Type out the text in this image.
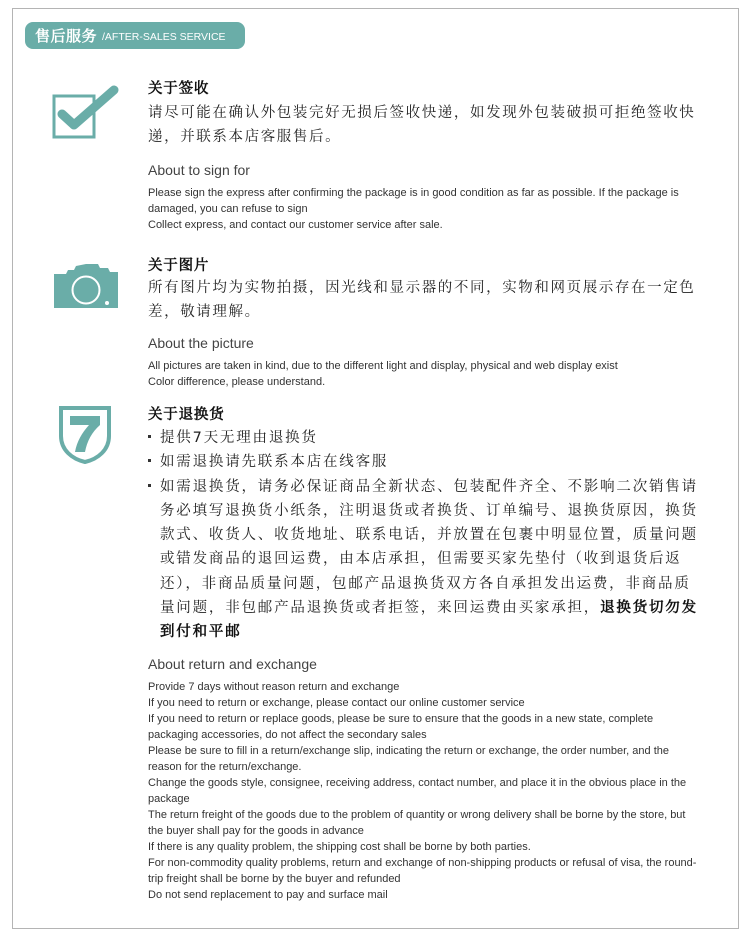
售后服务 /AFTER-SALES SERVICE
关于签收
请尽可能在确认外包装完好无损后签收快递，如发现外包装破损可拒绝签收快递，并联系本店客服售后。
About to sign for
Please sign the express after confirming the package is in good condition as far as possible. If the package is damaged, you can refuse to sign
Collect express, and contact our customer service after sale.
关于图片
所有图片均为实物拍摄，因光线和显示器的不同，实物和网页展示存在一定色差，敬请理解。
About the picture
All pictures are taken in kind, due to the different light and display, physical and web display exist
Color difference, please understand.
关于退换货
提供7天无理由退换货
如需退换请先联系本店在线客服
如需退换货，请务必保证商品全新状态、包装配件齐全、不影响二次销售请务必填写退换货小纸条，注明退货或者换货、订单编号、退换货原因，换货款式、收货人、收货地址、联系电话，并放置在包裹中明显位置，质量问题或错发商品的退回运费，由本店承担，但需要买家先垫付（收到退货后返还），非商品质量问题，包邮产品退换货双方各自承担发出运费，非商品质量问题，非包邮产品退换货或者拒签，来回运费由买家承担，退换货切勿发到付和平邮
About return and exchange
Provide 7 days without reason return and exchange
If you need to return or exchange, please contact our online customer service
If you need to return or replace goods, please be sure to ensure that the goods in a new state, complete packaging accessories, do not affect the secondary sales
Please be sure to fill in a return/exchange slip, indicating the return or exchange, the order number, and the reason for the return/exchange.
Change the goods style, consignee, receiving address, contact number, and place it in the obvious place in the package
The return freight of the goods due to the problem of quantity or wrong delivery shall be borne by the store, but the buyer shall pay for the goods in advance
If there is any quality problem, the shipping cost shall be borne by both parties.
For non-commodity quality problems, return and exchange of non-shipping products or refusal of visa, the round-trip freight shall be borne by the buyer and refunded
Do not send replacement to pay and surface mail
